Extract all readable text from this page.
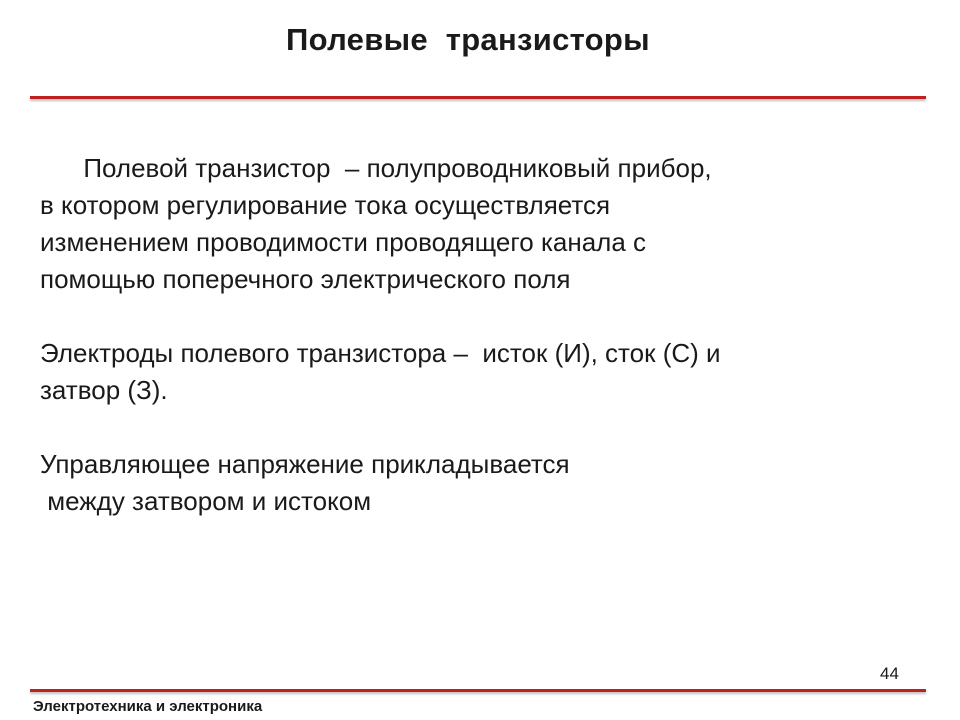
Полевые  транзисторы
Полевой транзистор  – полупроводниковый прибор,
в котором регулирование тока осуществляется
изменением проводимости проводящего канала с
помощью поперечного электрического поля
Электроды полевого транзистора –  исток (И), сток (С) и
затвор (З).
Управляющее напряжение прикладывается
между затвором и истоком
44
Электротехника и электроника
